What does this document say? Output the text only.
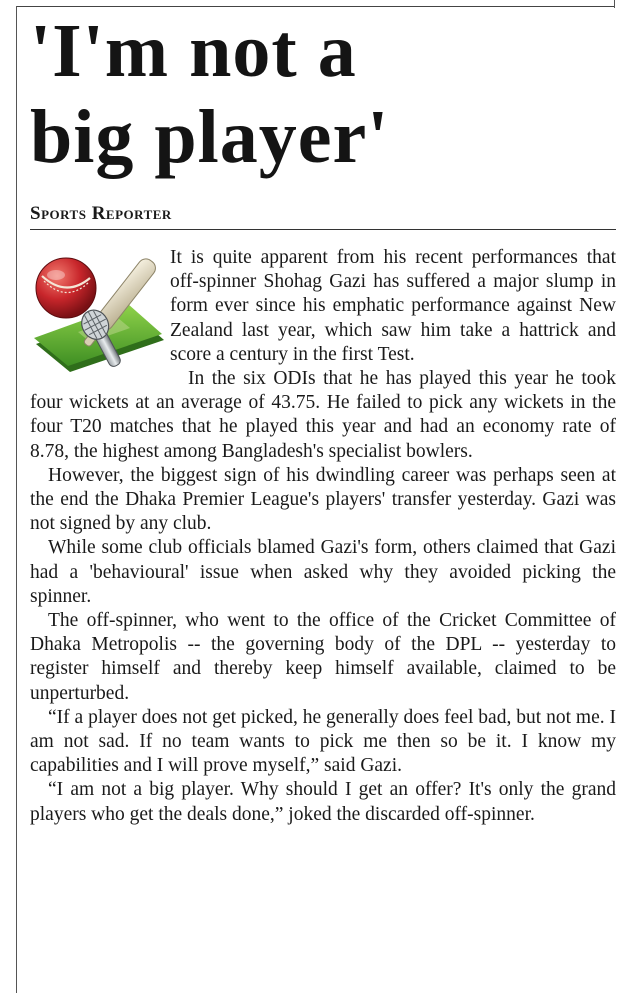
'I'm not a
big player'
Sports Reporter

It is quite apparent from his recent performances that off-spinner Shohag Gazi has suffered a major slump in form ever since his emphatic performance against New Zealand last year, which saw him take a hattrick and score a century in the first Test.

In the six ODIs that he has played this year he took four wickets at an average of 43.75. He failed to pick any wickets in the four T20 matches that he played this year and had an economy rate of 8.78, the highest among Bangladesh's specialist bowlers.

However, the biggest sign of his dwindling career was perhaps seen at the end the Dhaka Premier League's players' transfer yesterday. Gazi was not signed by any club.

While some club officials blamed Gazi's form, others claimed that Gazi had a 'behavioural' issue when asked why they avoided picking the spinner.

The off-spinner, who went to the office of the Cricket Committee of Dhaka Metropolis -- the governing body of the DPL -- yesterday to register himself and thereby keep himself available, claimed to be unperturbed.

“If a player does not get picked, he generally does feel bad, but not me. I am not sad. If no team wants to pick me then so be it. I know my capabilities and I will prove myself,” said Gazi.

“I am not a big player. Why should I get an offer? It's only the grand players who get the deals done,” joked the discarded off-spinner.
